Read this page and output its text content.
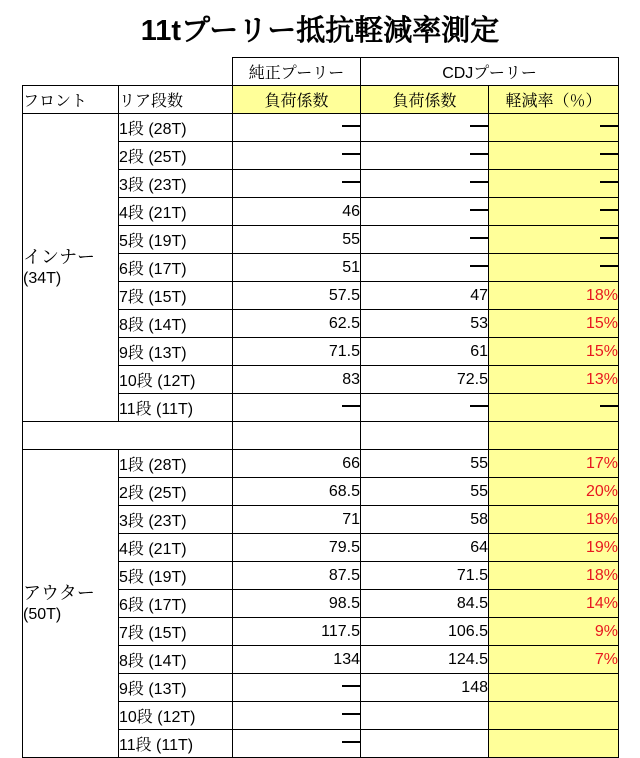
11tプーリー抵抗軽減率測定
		純正プーリー	CDJプーリー	
フロント	リア段数	負荷係数	負荷係数	軽減率（％）

インナー
(34T)	1段 (28T)			
	2段 (25T)			
	3段 (23T)			
	4段 (21T)	46		
	5段 (19T)	55		
	6段 (17T)	51		
	7段 (15T)	57.5	47	18%
	8段 (14T)	62.5	53	15%
	9段 (13T)	71.5	61	15%
	10段 (12T)	83	72.5	13%
	11段 (11T)			

アウター
(50T)	1段 (28T)	66	55	17%
	2段 (25T)	68.5	55	20%
	3段 (23T)	71	58	18%
	4段 (21T)	79.5	64	19%
	5段 (19T)	87.5	71.5	18%
	6段 (17T)	98.5	84.5	14%
	7段 (15T)	117.5	106.5	9%
	8段 (14T)	134	124.5	7%
	9段 (13T)		148	
	10段 (12T)			
	11段 (11T)			
